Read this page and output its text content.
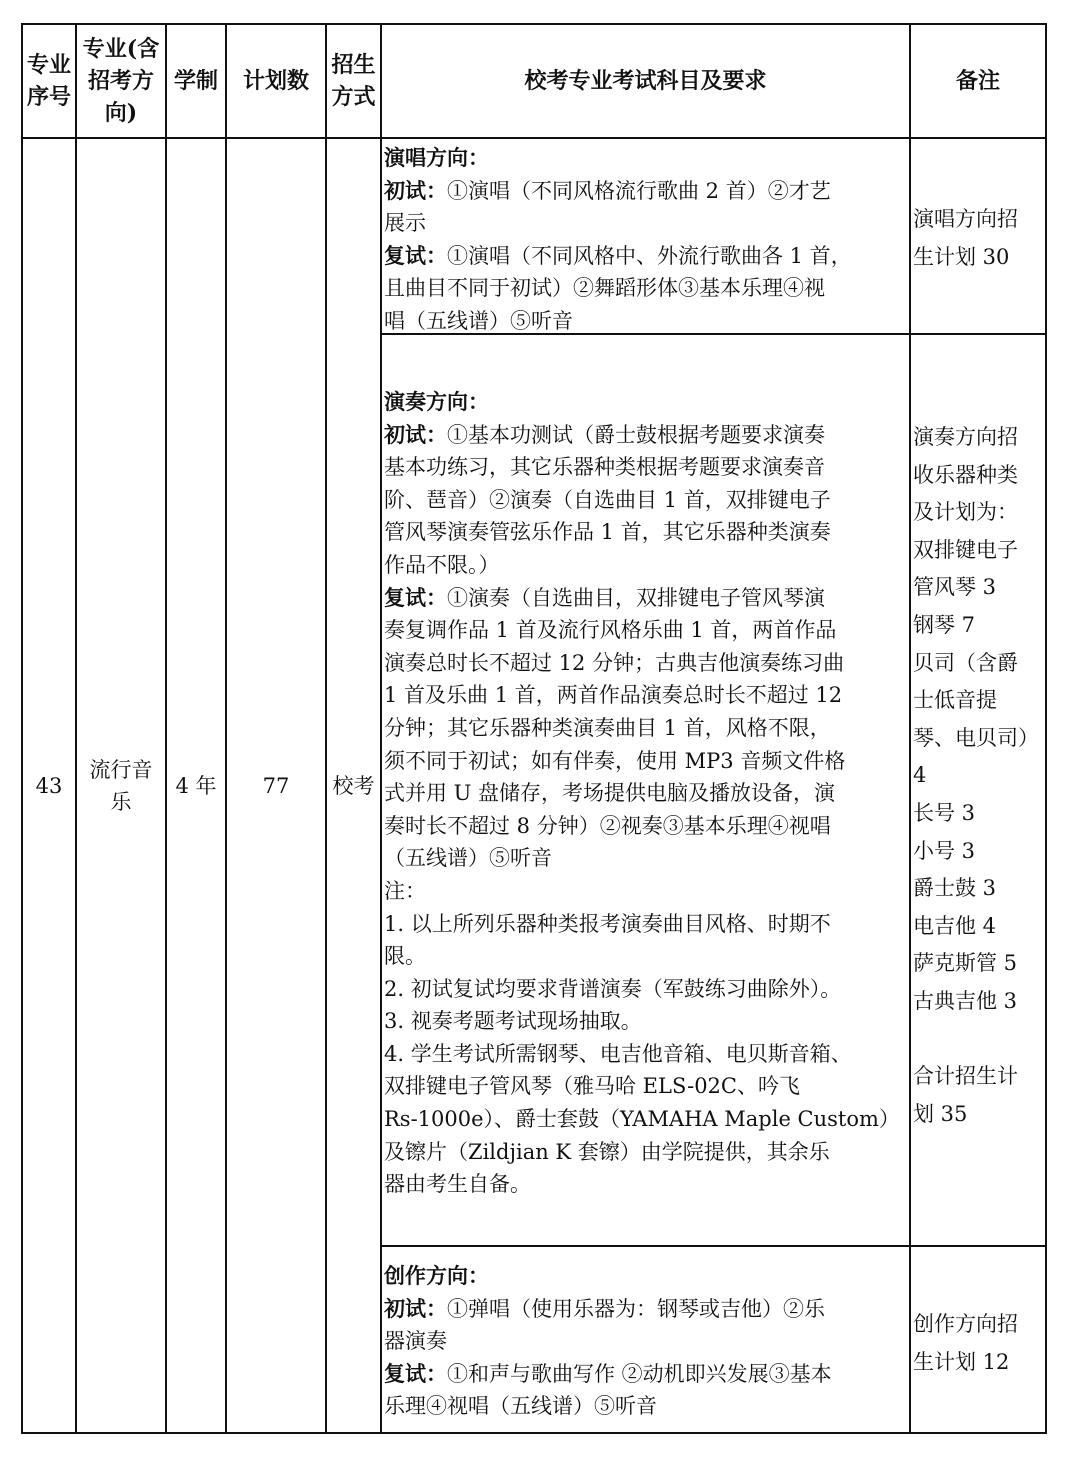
专业
序号
专业(含
招考方
向)
学制 计划数
招生
方式
校考专业考试科目及要求	备注
43
流行音
乐
4 年 77 校考
演唱方向：
初试：①演唱（不同风格流行歌曲 2 首）②才艺
展示
复试：①演唱（不同风格中、外流行歌曲各 1 首，
且曲目不同于初试）②舞蹈形体③基本乐理④视
唱（五线谱）⑤听音
演奏方向：
初试：①基本功测试（爵士鼓根据考题要求演奏
基本功练习，其它乐器种类根据考题要求演奏音
阶、琶音）②演奏（自选曲目 1 首，双排键电子
管风琴演奏管弦乐作品 1 首，其它乐器种类演奏
作品不限。）
复试：①演奏（自选曲目，双排键电子管风琴演
奏复调作品 1 首及流行风格乐曲 1 首，两首作品
演奏总时长不超过 12 分钟；古典吉他演奏练习曲
1 首及乐曲 1 首，两首作品演奏总时长不超过 12
分钟；其它乐器种类演奏曲目 1 首，风格不限，
须不同于初试；如有伴奏，使用 MP3 音频文件格
式并用 U 盘储存，考场提供电脑及播放设备，演
奏时长不超过 8 分钟）②视奏③基本乐理④视唱
（五线谱）⑤听音
注：
1. 以上所列乐器种类报考演奏曲目风格、时期不
限。
2. 初试复试均要求背谱演奏（军鼓练习曲除外）。
3. 视奏考题考试现场抽取。
4. 学生考试所需钢琴、电吉他音箱、电贝斯音箱、
双排键电子管风琴（雅马哈 ELS-02C、吟飞
Rs-1000e）、爵士套鼓（YAMAHA Maple Custom）
及镲片（Zildjian K 套镲）由学院提供，其余乐
器由考生自备。
创作方向：
初试：①弹唱（使用乐器为：钢琴或吉他）②乐
器演奏
复试：①和声与歌曲写作 ②动机即兴发展③基本
乐理④视唱（五线谱）⑤听音
演唱方向招
生计划 30
演奏方向招
收乐器种类
及计划为：
双排键电子
管风琴 3
钢琴 7
贝司（含爵
士低音提
琴、电贝司）
4
长号 3
小号 3
爵士鼓 3
电吉他 4
萨克斯管 5
古典吉他 3
合计招生计
划 35
创作方向招
生计划 12
